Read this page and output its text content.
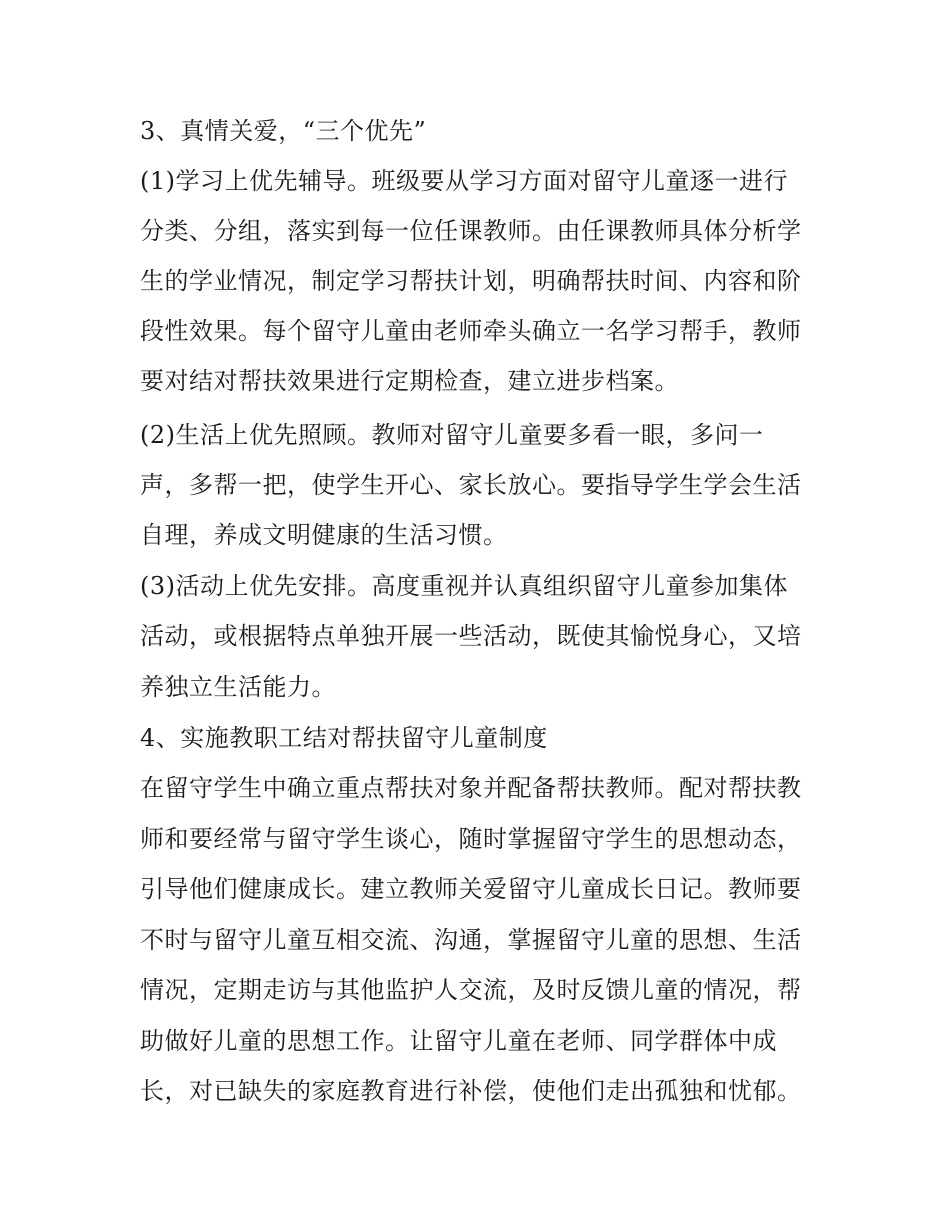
3、真情关爱，“三个优先”
(1)学习上优先辅导。班级要从学习方面对留守儿童逐一进行
分类、分组，落实到每一位任课教师。由任课教师具体分析学
生的学业情况，制定学习帮扶计划，明确帮扶时间、内容和阶
段性效果。每个留守儿童由老师牵头确立一名学习帮手，教师
要对结对帮扶效果进行定期检查，建立进步档案。
(2)生活上优先照顾。教师对留守儿童要多看一眼，多问一
声，多帮一把，使学生开心、家长放心。要指导学生学会生活
自理，养成文明健康的生活习惯。
(3)活动上优先安排。高度重视并认真组织留守儿童参加集体
活动，或根据特点单独开展一些活动，既使其愉悦身心，又培
养独立生活能力。
4、实施教职工结对帮扶留守儿童制度
在留守学生中确立重点帮扶对象并配备帮扶教师。配对帮扶教
师和要经常与留守学生谈心，随时掌握留守学生的思想动态，
引导他们健康成长。建立教师关爱留守儿童成长日记。教师要
不时与留守儿童互相交流、沟通，掌握留守儿童的思想、生活
情况，定期走访与其他监护人交流，及时反馈儿童的情况，帮
助做好儿童的思想工作。让留守儿童在老师、同学群体中成
长，对已缺失的家庭教育进行补偿，使他们走出孤独和忧郁。
